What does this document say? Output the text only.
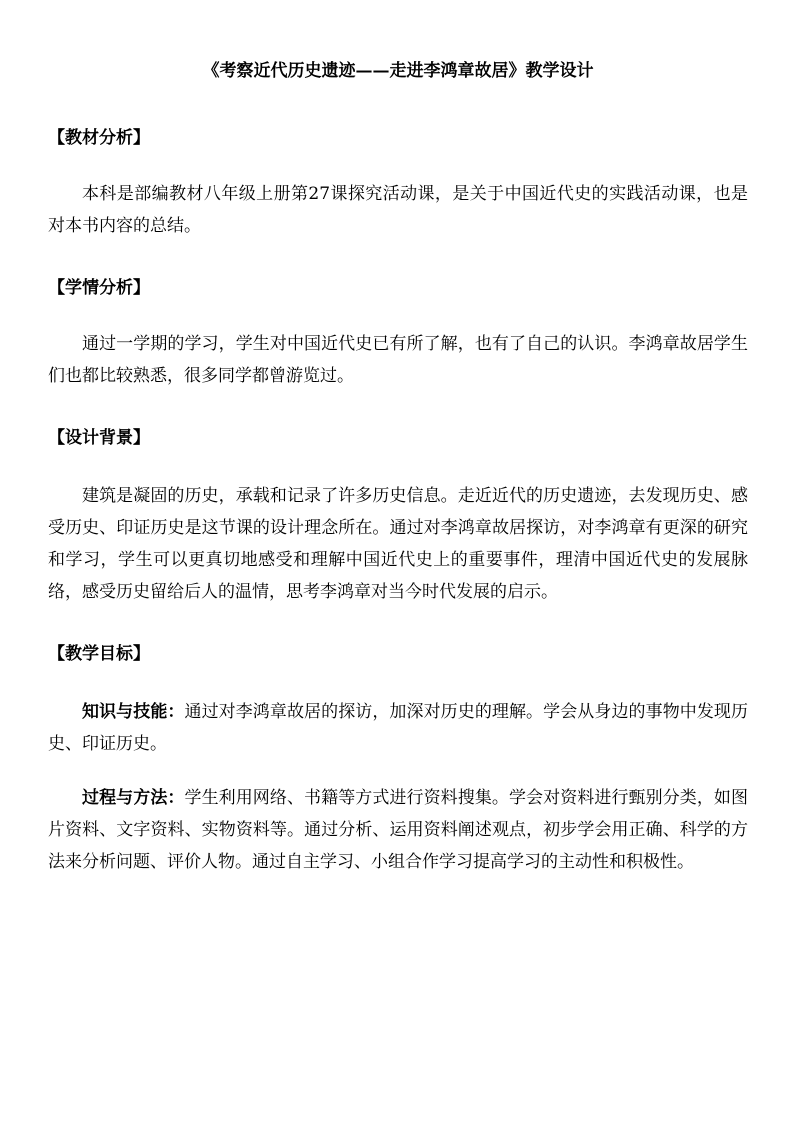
《考察近代历史遗迹——走进李鸿章故居》教学设计
【教材分析】

本科是部编教材八年级上册第27课探究活动课，是关于中国近代史的实践活动课，也是对本书内容的总结。

【学情分析】

通过一学期的学习，学生对中国近代史已有所了解，也有了自己的认识。李鸿章故居学生们也都比较熟悉，很多同学都曾游览过。

【设计背景】

建筑是凝固的历史，承载和记录了许多历史信息。走近近代的历史遗迹，去发现历史、感受历史、印证历史是这节课的设计理念所在。通过对李鸿章故居探访，对李鸿章有更深的研究和学习，学生可以更真切地感受和理解中国近代史上的重要事件，理清中国近代史的发展脉络，感受历史留给后人的温情，思考李鸿章对当今时代发展的启示。

【教学目标】

知识与技能：通过对李鸿章故居的探访，加深对历史的理解。学会从身边的事物中发现历史、印证历史。

过程与方法：学生利用网络、书籍等方式进行资料搜集。学会对资料进行甄别分类，如图片资料、文字资料、实物资料等。通过分析、运用资料阐述观点，初步学会用正确、科学的方法来分析问题、评价人物。通过自主学习、小组合作学习提高学习的主动性和积极性。
